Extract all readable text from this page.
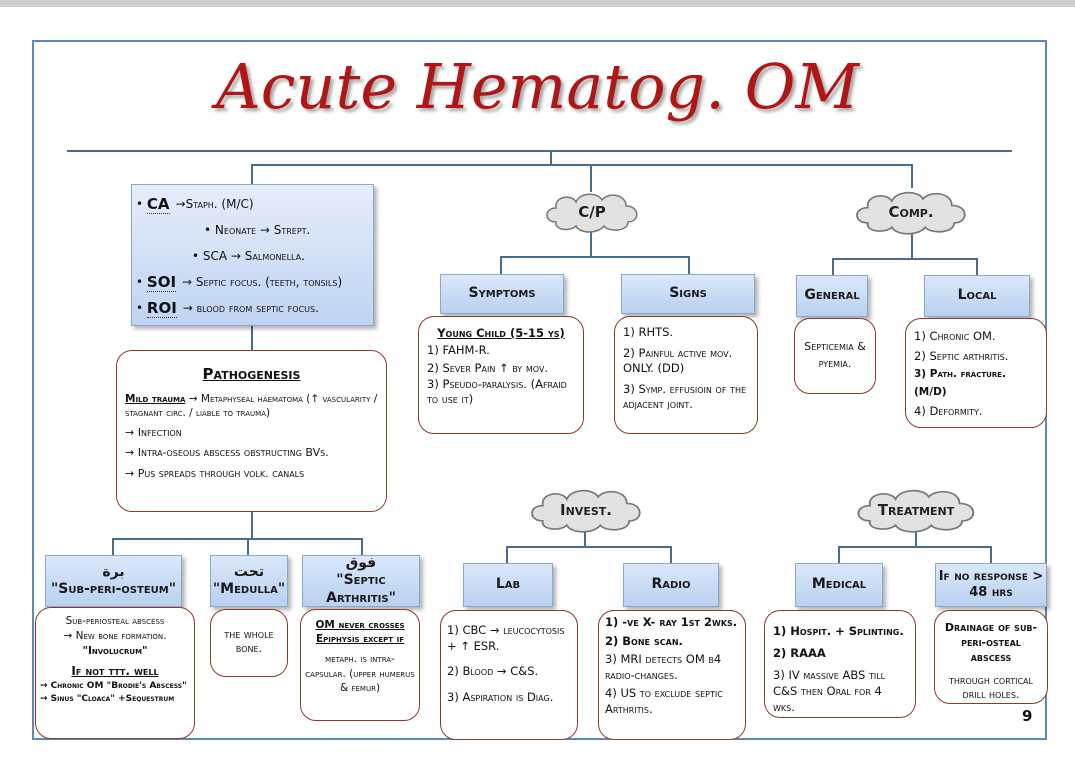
Acute Hematog. OM
• CA →Staph. (M/C)
• Neonate → Strept.
• SCA → Salmonella.
• SOI → Septic focus. (teeth, tonsils)
• ROI → blood from septic focus.
Pathogenesis
Mild trauma → Metaphyseal haematoma (↑ vascularity / stagnant circ. / liable to trauma)
→ Infection
→ Intra-oseous abscess obstructing BVs.
→ Pus spreads through volk. canals
برة
"Sub-peri-osteum"
تحت
"Medulla"
فوق
"Septic Arthritis"
Sub-periosteal abscess
→ New bone formation.
"Involucrum"
If not ttt. well
→ Chronic OM "Brodie's Abscess"
→ Sinus "Cloaca" +Sequestrum
the whole bone.
OM never crosses Epiphysis except if
metaph. is intra-capsular. (upper humerus & femur)
C/P	Comp.
Invest.	Treatment
Symptoms	Signs
Young Child (5-15 ys)
1) FAHM-R.
2) Sever Pain ↑ by mov.
3) Pseudo-paralysis. (Afraid to use it)
1) RHTS.
2) Painful active mov. ONLY. (DD)
3) Symp. effusioin of the adjacent joint.
General	Local
Septicemia & pyemia.
1) Chronic OM.
2) Septic arthritis.
3) Path. fracture. (M/D)
4) Deformity.
Lab	Radio
1) CBC → leucocytosis + ↑ ESR.
2) Blood → C&S.
3) Aspiration is Diag.
1) -ve X- ray 1st 2wks.
2) Bone scan.
3) MRI detects OM b4 radio-changes.
4) US to exclude septic Arthritis.
Medical	If no response > 48 hrs
1) Hospit. + Splinting.
2) RAAA
3) IV massive ABS till C&S then Oral for 4 wks.
Drainage of sub-peri-osteal abscess
through cortical drill holes.
9
